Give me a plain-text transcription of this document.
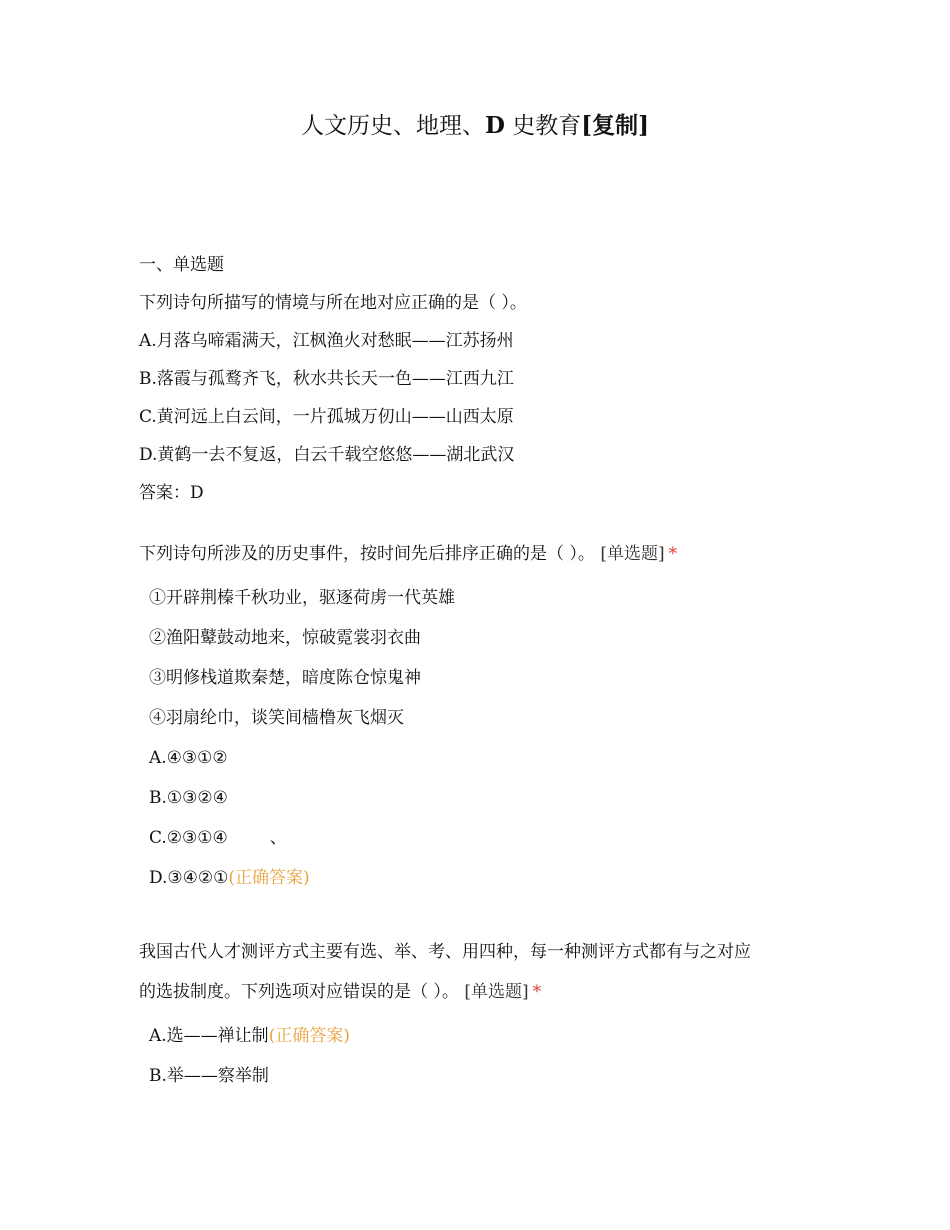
人文历史、地理、D 史教育[复制]
一、单选题
下列诗句所描写的情境与所在地对应正确的是（ ）。
A.月落乌啼霜满天，江枫渔火对愁眠——江苏扬州
B.落霞与孤鹜齐飞，秋水共长天一色——江西九江
C.黄河远上白云间，一片孤城万仞山——山西太原
D.黄鹤一去不复返，白云千载空悠悠——湖北武汉
答案：D
下列诗句所涉及的历史事件，按时间先后排序正确的是（ ）。 [单选题] *
①开辟荆榛千秋功业，驱逐荷虏一代英雄
②渔阳鼙鼓动地来，惊破霓裳羽衣曲
③明修栈道欺秦楚，暗度陈仓惊鬼神
④羽扇纶巾，谈笑间樯橹灰飞烟灭
A.④③①②
B.①③②④
C.②③①④ 、
D.③④②①(正确答案)
我国古代人才测评方式主要有选、举、考、用四种，每一种测评方式都有与之对应
的选拔制度。下列选项对应错误的是（ ）。 [单选题] *
A.选——禅让制(正确答案)
B.举——察举制
